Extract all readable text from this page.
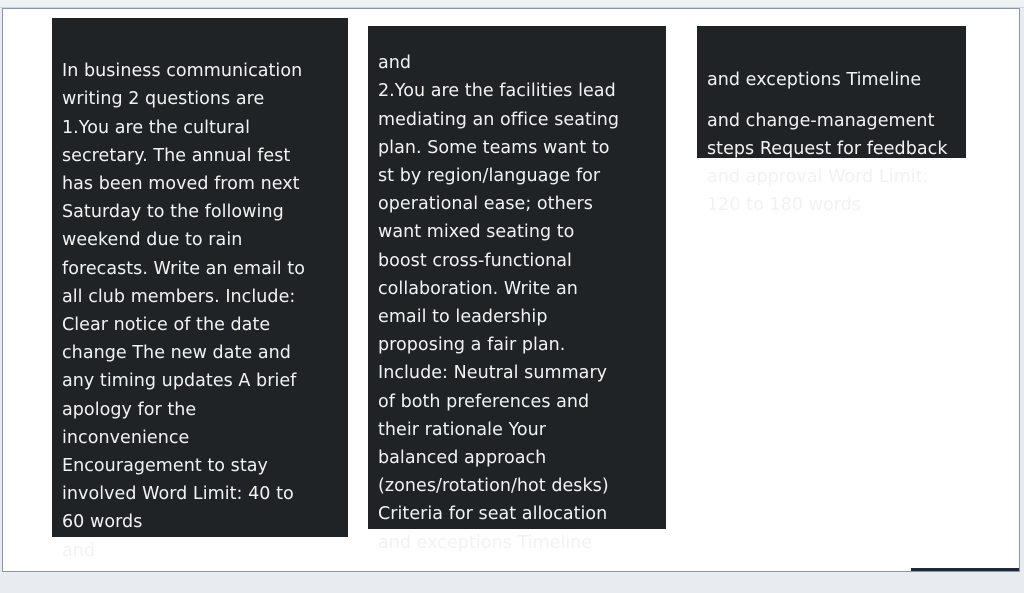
In business communication
writing 2 questions are
1.You are the cultural
secretary. The annual fest
has been moved from next
Saturday to the following
weekend due to rain
forecasts. Write an email to
all club members. Include:
Clear notice of the date
change The new date and
any timing updates A brief
apology for the
inconvenience
Encouragement to stay
involved Word Limit: 40 to
60 words
and

and
2.You are the facilities lead
mediating an office seating
plan. Some teams want to
st by region/language for
operational ease; others
want mixed seating to
boost cross-functional
collaboration. Write an
email to leadership
proposing a fair plan.
Include: Neutral summary
of both preferences and
their rationale Your
balanced approach
(zones/rotation/hot desks)
Criteria for seat allocation
and exceptions Timeline

and exceptions Timeline

and change-management
steps Request for feedback
and approval Word Limit:
120 to 180 words
